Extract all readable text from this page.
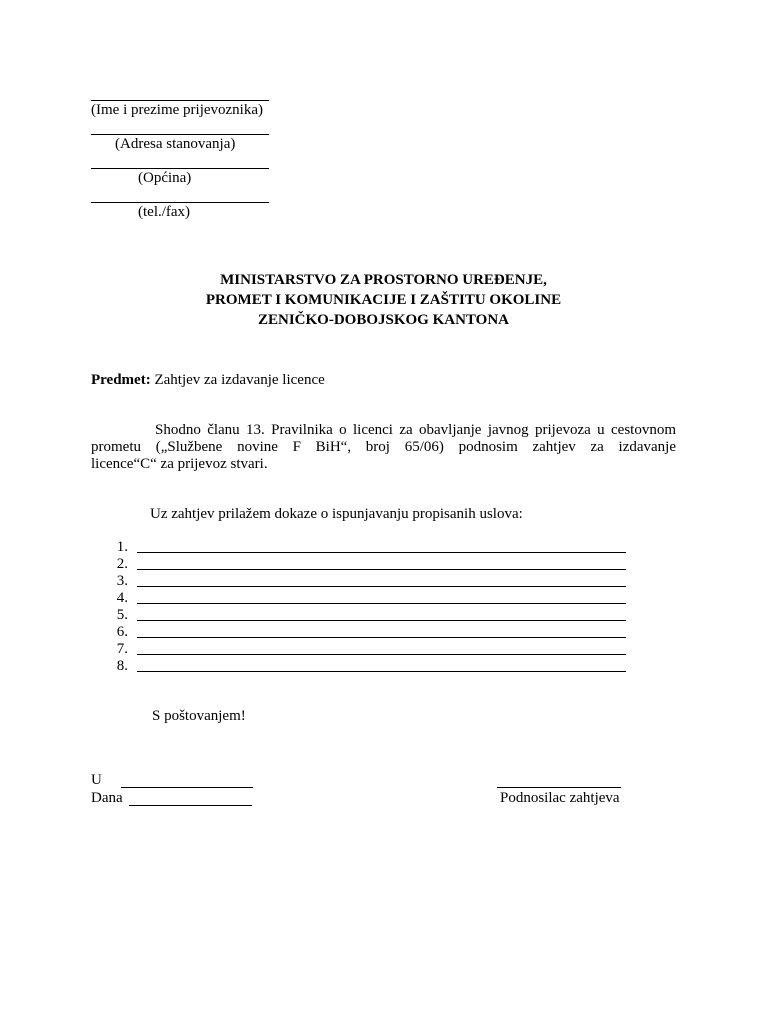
(Ime i prezime prijevoznika)
(Adresa stanovanja)
(Općina)
(tel./fax)
MINISTARSTVO ZA PROSTORNO UREĐENJE,
PROMET I KOMUNIKACIJE I ZAŠTITU OKOLINE
ZENIČKO-DOBOJSKOG KANTONA
Predmet: Zahtjev za izdavanje licence
Shodno članu 13. Pravilnika o licenci za obavljanje javnog prijevoza u cestovnom
prometu („Službene novine F BiH“, broj 65/06) podnosim zahtjev za izdavanje
licence“C“ za prijevoz stvari.
Uz zahtjev prilažem dokaze o ispunjavanju propisanih uslova:
1.
2.
3.
4.
5.
6.
7.
8.
S poštovanjem!
U
Dana	Podnosilac zahtjeva
